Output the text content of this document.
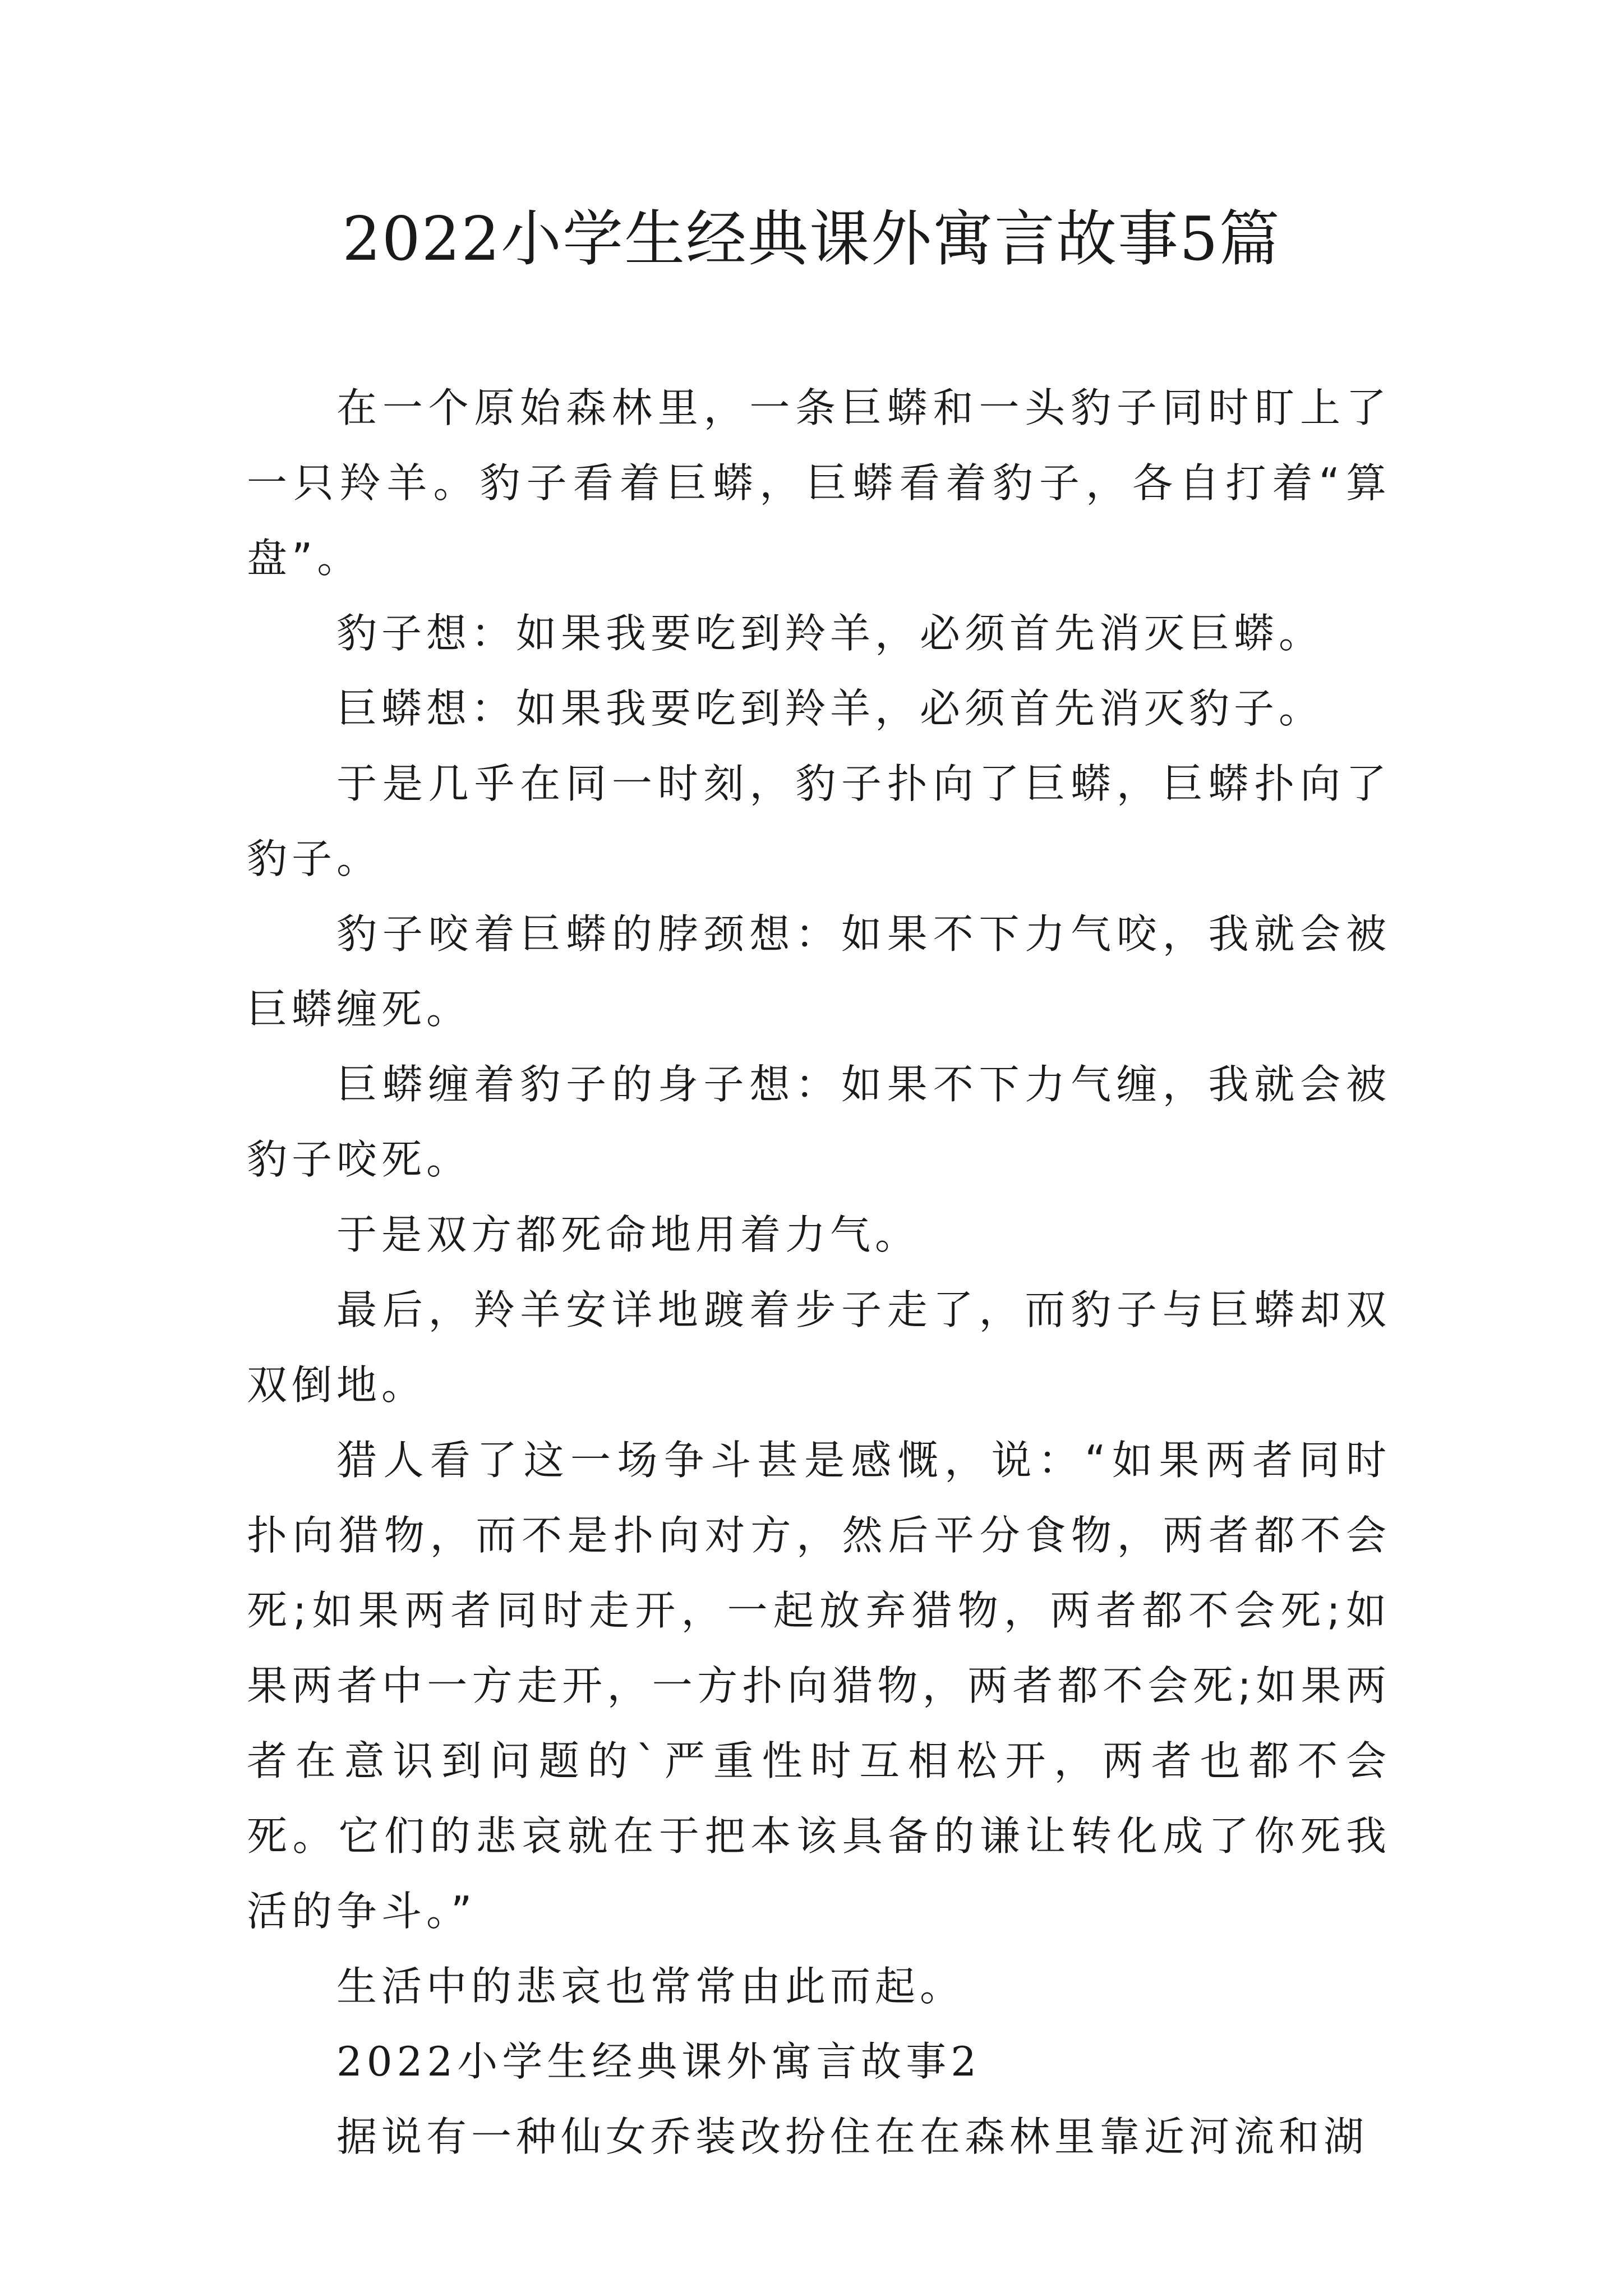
2022小学生经典课外寓言故事5篇

在一个原始森林里，一条巨蟒和一头豹子同时盯上了一只羚羊。豹子看着巨蟒，巨蟒看着豹子，各自打着“算盘”。

豹子想：如果我要吃到羚羊，必须首先消灭巨蟒。

巨蟒想：如果我要吃到羚羊，必须首先消灭豹子。

于是几乎在同一时刻，豹子扑向了巨蟒，巨蟒扑向了豹子。

豹子咬着巨蟒的脖颈想：如果不下力气咬，我就会被巨蟒缠死。

巨蟒缠着豹子的身子想：如果不下力气缠，我就会被豹子咬死。

于是双方都死命地用着力气。

最后，羚羊安详地踱着步子走了，而豹子与巨蟒却双双倒地。

猎人看了这一场争斗甚是感慨，说：“如果两者同时扑向猎物，而不是扑向对方，然后平分食物，两者都不会死;如果两者同时走开，一起放弃猎物，两者都不会死;如果两者中一方走开，一方扑向猎物，两者都不会死;如果两者在意识到问题的`严重性时互相松开，两者也都不会死。它们的悲哀就在于把本该具备的谦让转化成了你死我活的争斗。”

生活中的悲哀也常常由此而起。

2022小学生经典课外寓言故事2

据说有一种仙女乔装改扮住在在森林里靠近河流和湖
